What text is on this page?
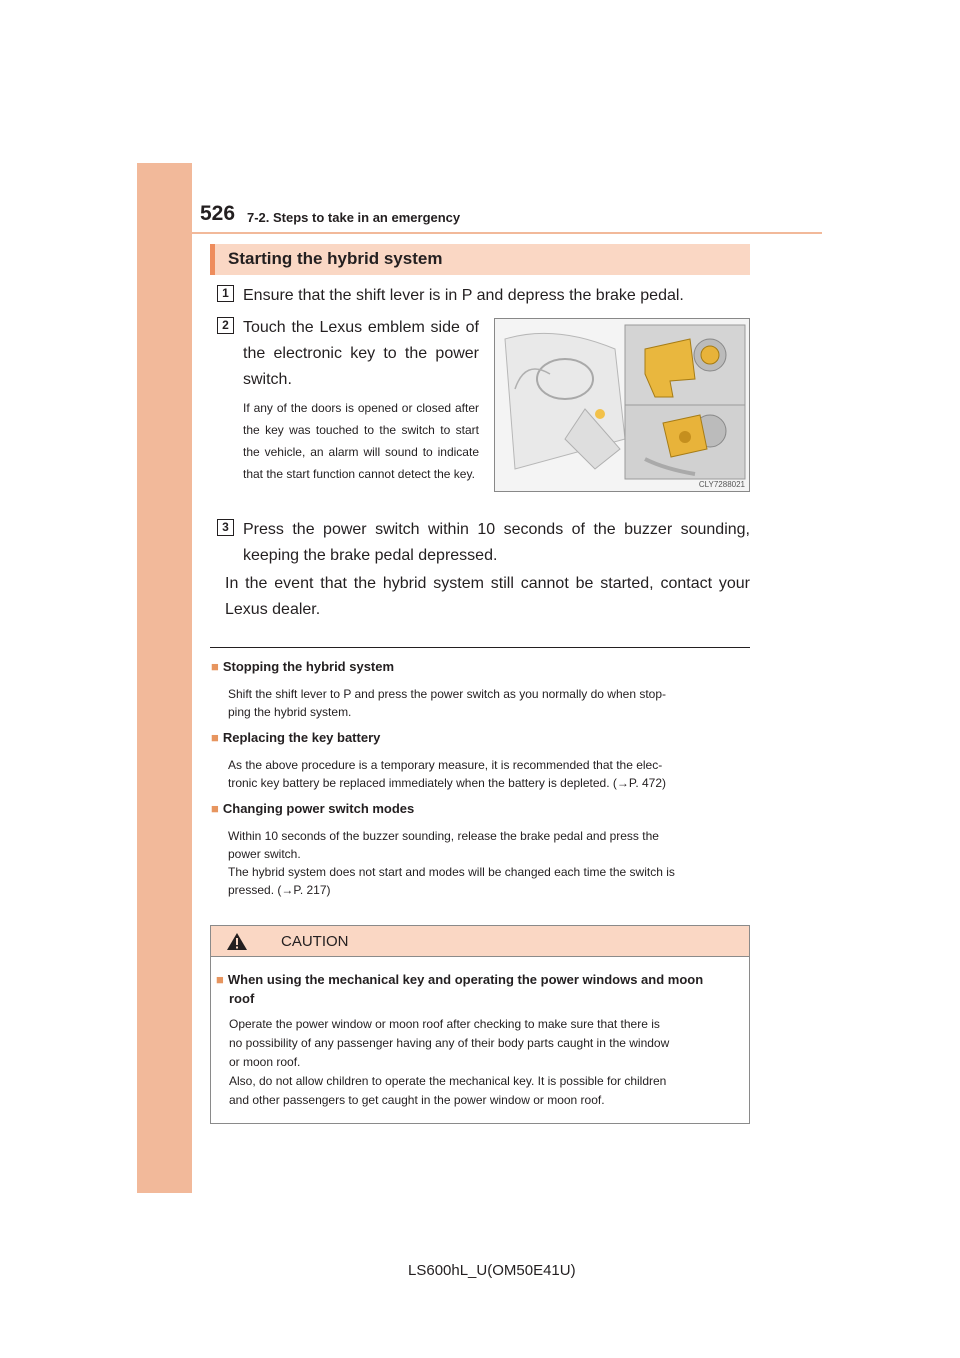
526 7-2. Steps to take in an emergency
Starting the hybrid system
1 Ensure that the shift lever is in P and depress the brake pedal.
2 Touch the Lexus emblem side of
the electronic key to the power
switch.
If any of the doors is opened or closed after the key was touched to the switch to start the vehicle, an alarm will sound to indicate that the start function cannot detect the key.
CLY7288021
3 Press the power switch within 10 seconds of the buzzer sounding,
keeping the brake pedal depressed.
In the event that the hybrid system still cannot be started, contact your
Lexus dealer.
■ Stopping the hybrid system
Shift the shift lever to P and press the power switch as you normally do when stop-
ping the hybrid system.
■ Replacing the key battery
As the above procedure is a temporary measure, it is recommended that the elec-
tronic key battery be replaced immediately when the battery is depleted. (→P. 472)
■ Changing power switch modes
Within 10 seconds of the buzzer sounding, release the brake pedal and press the
power switch.
The hybrid system does not start and modes will be changed each time the switch is
pressed. (→P. 217)
CAUTION
■ When using the mechanical key and operating the power windows and moon
roof
Operate the power window or moon roof after checking to make sure that there is
no possibility of any passenger having any of their body parts caught in the window
or moon roof.
Also, do not allow children to operate the mechanical key. It is possible for children
and other passengers to get caught in the power window or moon roof.
LS600hL_U(OM50E41U)
